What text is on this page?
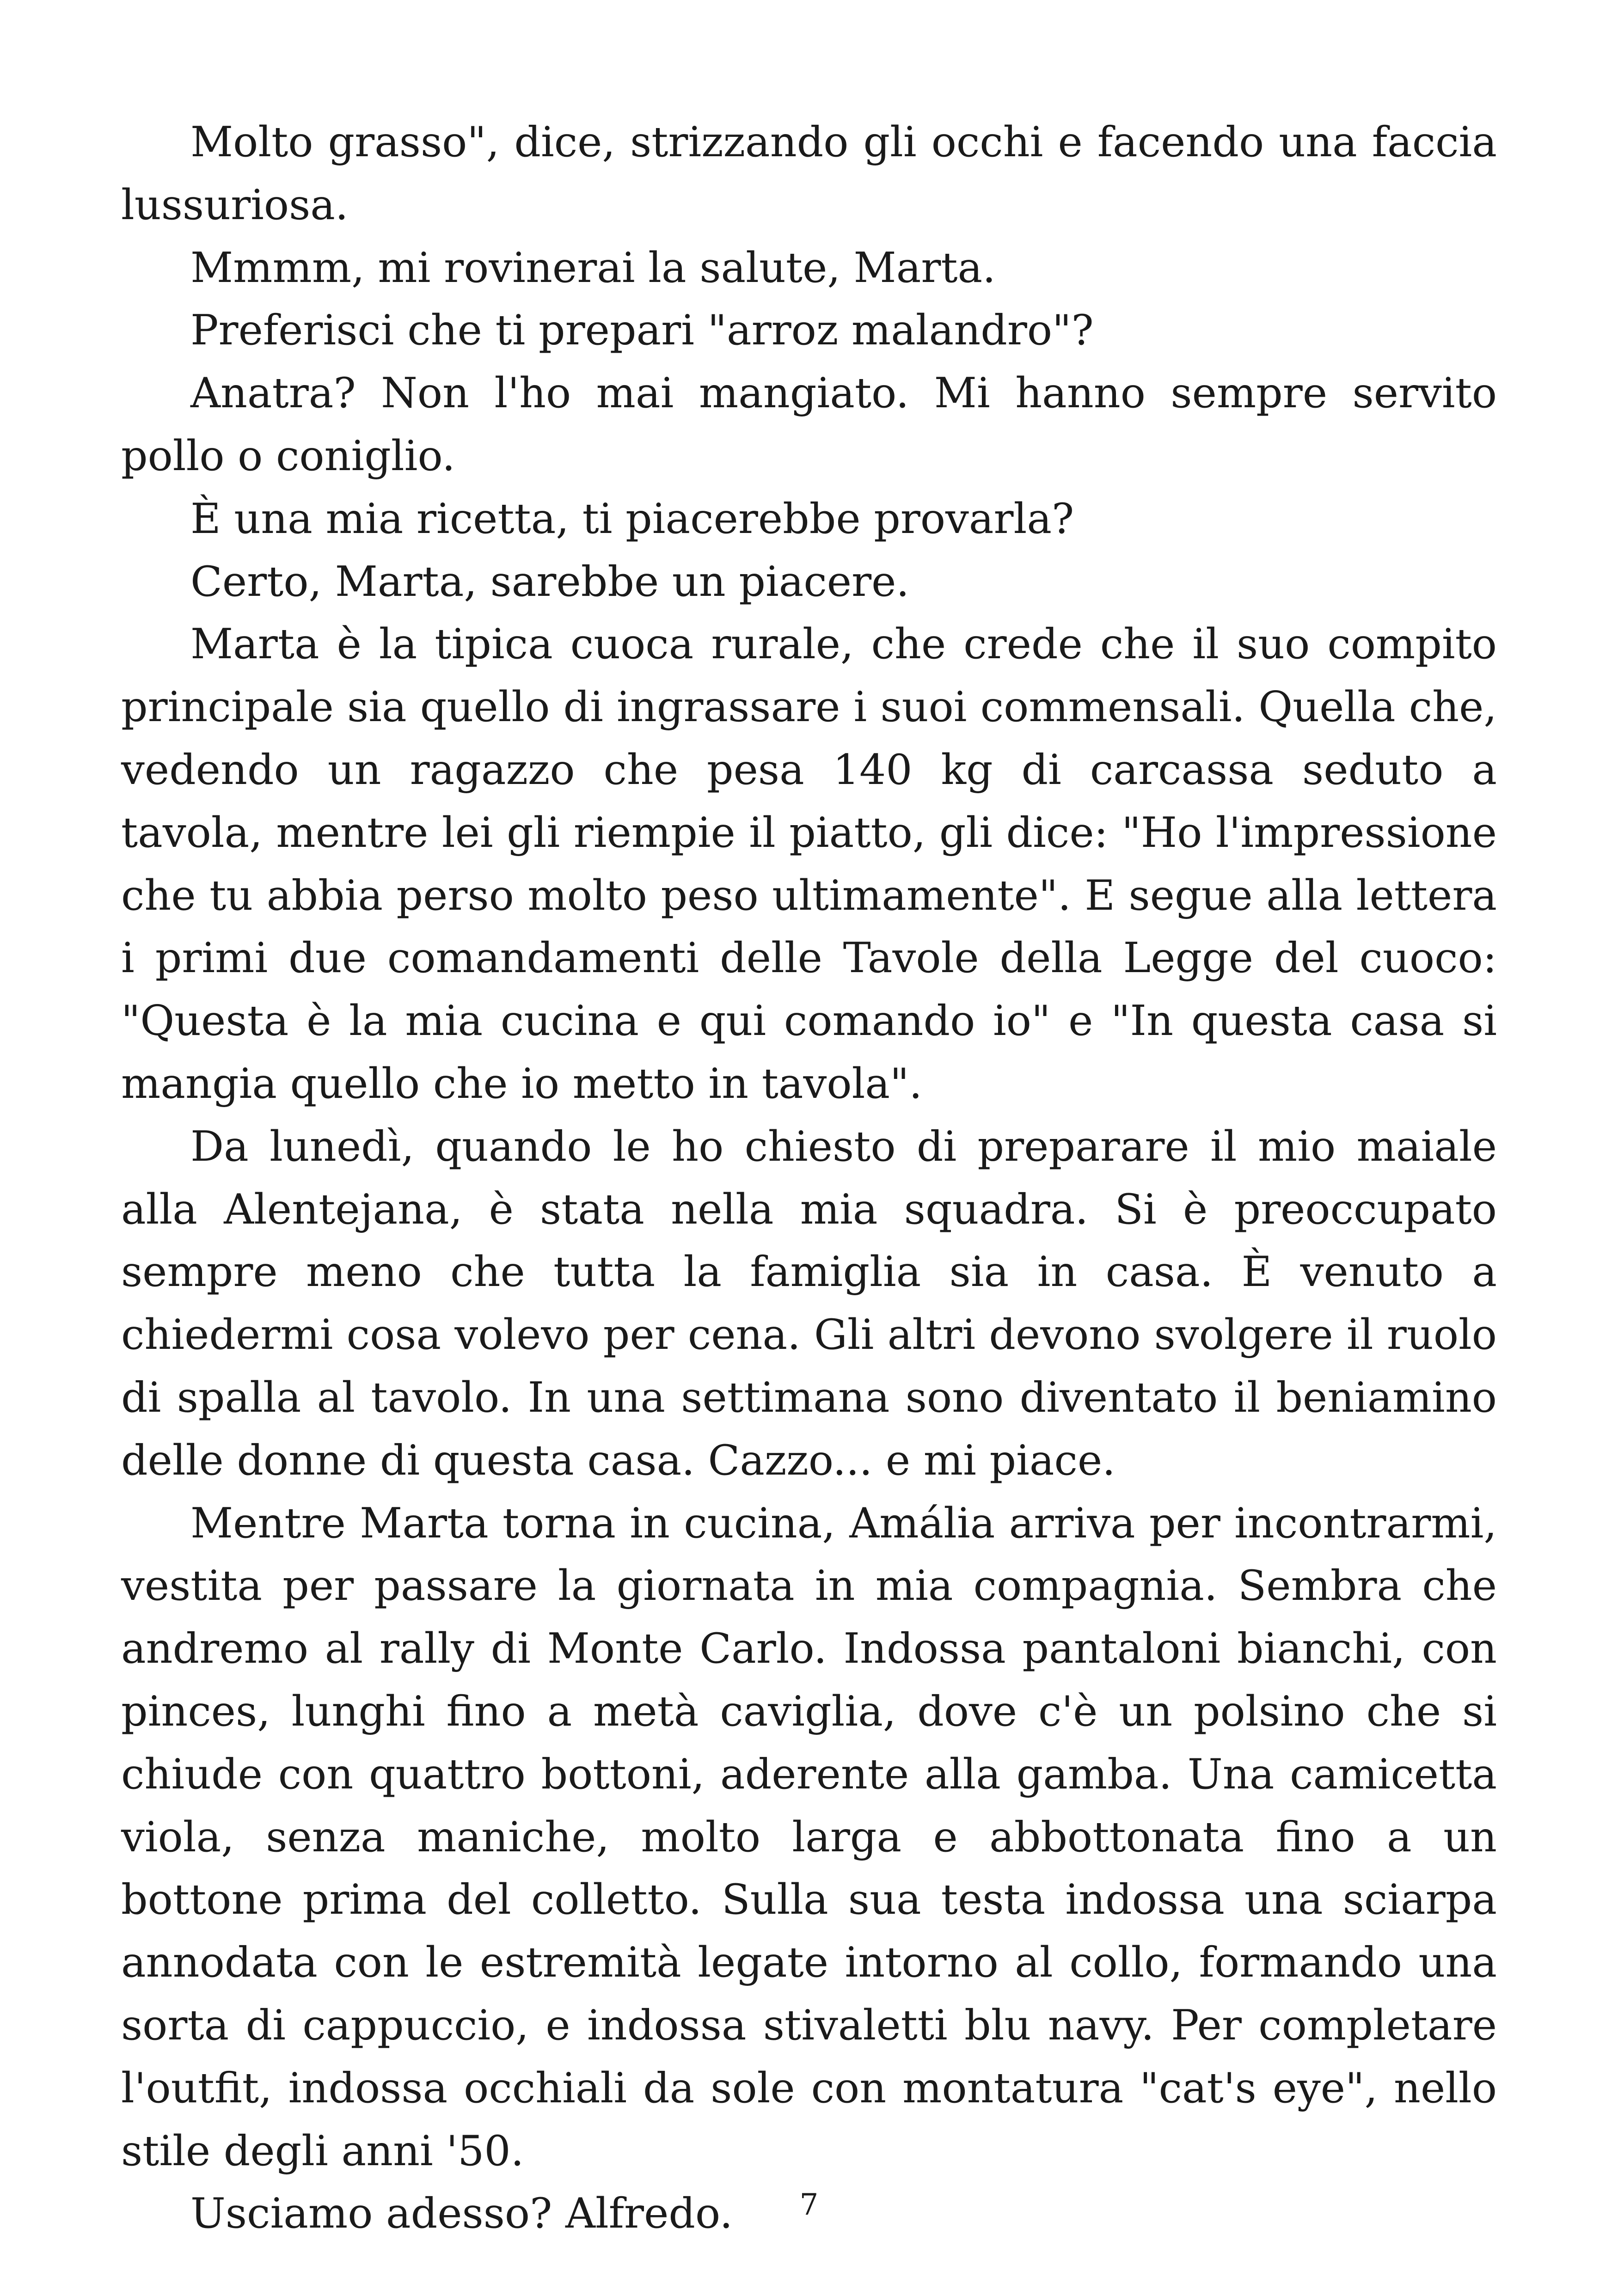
Molto grasso", dice, strizzando gli occhi e facendo una faccia lussuriosa.

Mmmm, mi rovinerai la salute, Marta.

Preferisci che ti prepari "arroz malandro"?

Anatra? Non l'ho mai mangiato. Mi hanno sempre servito pollo o coniglio.

È una mia ricetta, ti piacerebbe provarla?

Certo, Marta, sarebbe un piacere.

Marta è la tipica cuoca rurale, che crede che il suo compito principale sia quello di ingrassare i suoi commensali. Quella che, vedendo un ragazzo che pesa 140 kg di carcassa seduto a tavola, mentre lei gli riempie il piatto, gli dice: "Ho l'impressione che tu abbia perso molto peso ultimamente". E segue alla lettera i primi due comandamenti delle Tavole della Legge del cuoco: "Questa è la mia cucina e qui comando io" e "In questa casa si mangia quello che io metto in tavola".

Da lunedì, quando le ho chiesto di preparare il mio maiale alla Alentejana, è stata nella mia squadra. Si è preoccupato sempre meno che tutta la famiglia sia in casa. È venuto a chiedermi cosa volevo per cena. Gli altri devono svolgere il ruolo di spalla al tavolo. In una settimana sono diventato il beniamino delle donne di questa casa. Cazzo... e mi piace.

Mentre Marta torna in cucina, Amália arriva per incontrarmi, vestita per passare la giornata in mia compagnia. Sembra che andremo al rally di Monte Carlo. Indossa pantaloni bianchi, con pinces, lunghi fino a metà caviglia, dove c'è un polsino che si chiude con quattro bottoni, aderente alla gamba. Una camicetta viola, senza maniche, molto larga e abbottonata fino a un bottone prima del colletto. Sulla sua testa indossa una sciarpa annodata con le estremità legate intorno al collo, formando una sorta di cappuccio, e indossa stivaletti blu navy. Per completare l'outfit, indossa occhiali da sole con montatura "cat's eye", nello stile degli anni '50.

Usciamo adesso? Alfredo.	7
